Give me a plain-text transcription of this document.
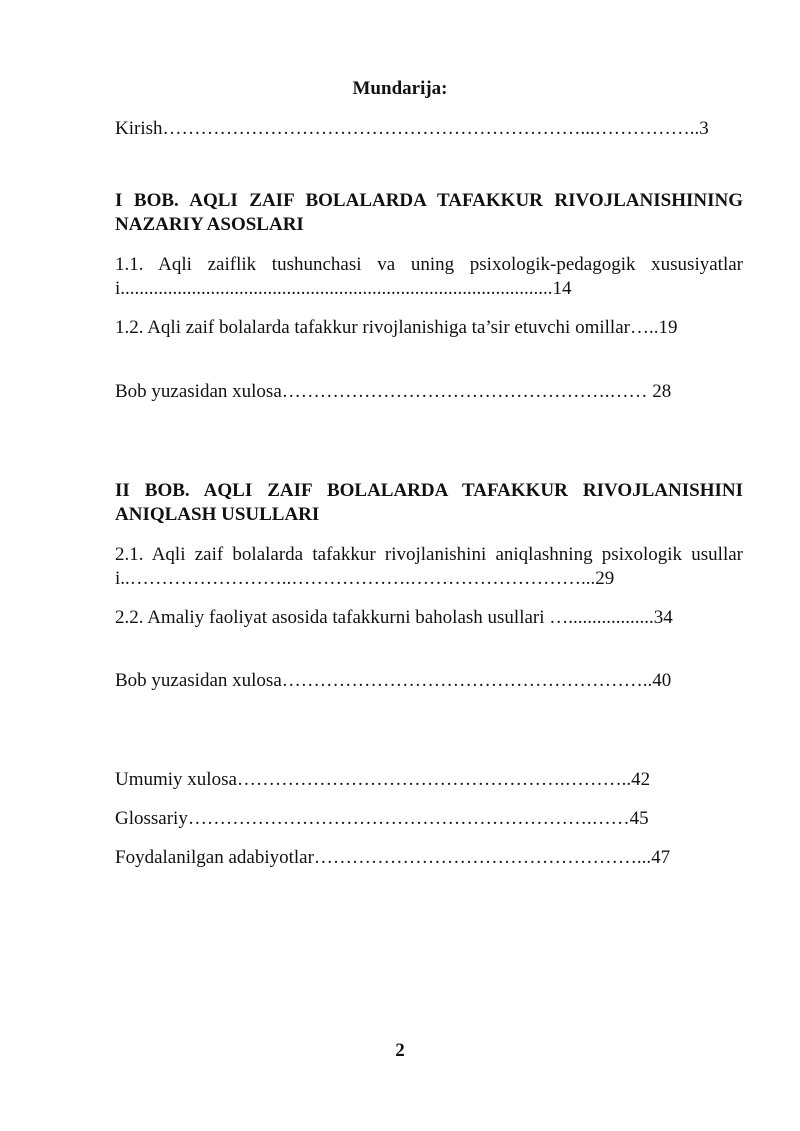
Mundarija:

Kirish…………………………………………………………...……………..3

I BOB. AQLI ZAIF BOLALARDA TAFAKKUR RIVOJLANISHINING NAZARIY ASOSLARI

1.1. Aqli zaiflik tushunchasi va uning psixologik-pedagogik xususiyatlari...........................................................................................14

1.2. Aqli zaif bolalarda tafakkur rivojlanishiga ta’sir etuvchi omillar…..19

Bob yuzasidan xulosa…………………………………………….…… 28

II BOB. AQLI ZAIF BOLALARDA TAFAKKUR RIVOJLANISHINI ANIQLASH USULLARI

2.1. Aqli zaif bolalarda tafakkur rivojlanishini aniqlashning psixologik usullari..……………………..……………….………………………...29

2.2. Amaliy faoliyat asosida tafakkurni baholash usullari …..................34

Bob yuzasidan xulosa…………………………………………………..40

Umumiy xulosa…………………………………………….………..42

Glossariy……………………………………………………….……45

Foydalanilgan adabiyotlar……………………………………………...47

2
